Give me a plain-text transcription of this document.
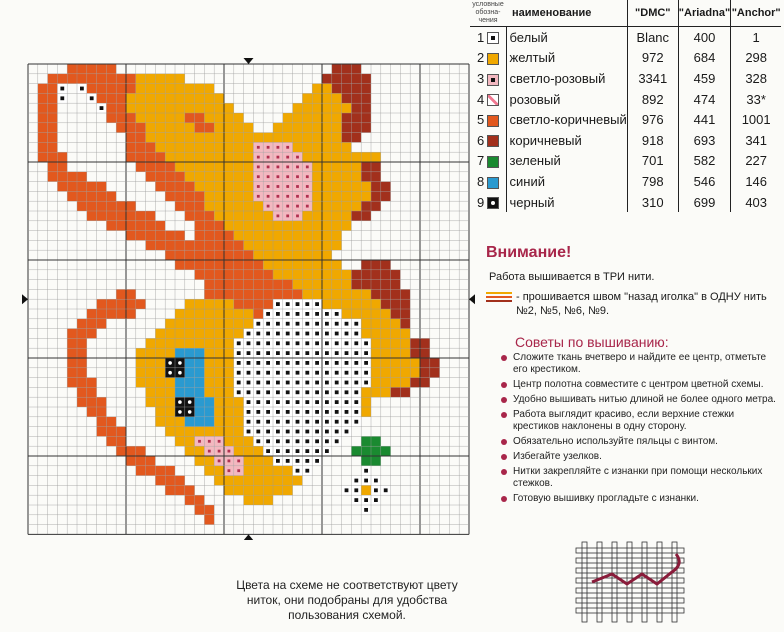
условные обозна-чения		наименование	"DMC"	"Ariadna"	"Anchor"
1		белый	Blanc	400	1
2		желтый	972	684	298
3		светло-розовый	3341	459	328
4		розовый	892	474	33*
5		светло-коричневый	976	441	1001
6		коричневый	918	693	341
7		зеленый	701	582	227
8		синий	798	546	146
9		черный	310	699	403
Внимание!
Работа вышивается в ТРИ нити.
- прошивается швом "назад иголка" в ОДНУ нить №2, №5, №6, №9.
Советы по вышиванию:
Сложите ткань вчетверо и найдите ее центр, отметьте его крестиком.
Центр полотна совместите с центром цветной схемы.
Удобно вышивать нитью длиной не более одного метра.
Работа выглядит красиво, если верхние стежки крестиков наклонены в одну сторону.
Обязательно используйте пяльцы с винтом.
Избегайте узелков.
Нитки закрепляйте с изнанки при помощи нескольких стежков.
Готовую вышивку прогладьте с изнанки.
Цвета на схеме не соответствуют цвету ниток, они подобраны для удобства пользования схемой.
